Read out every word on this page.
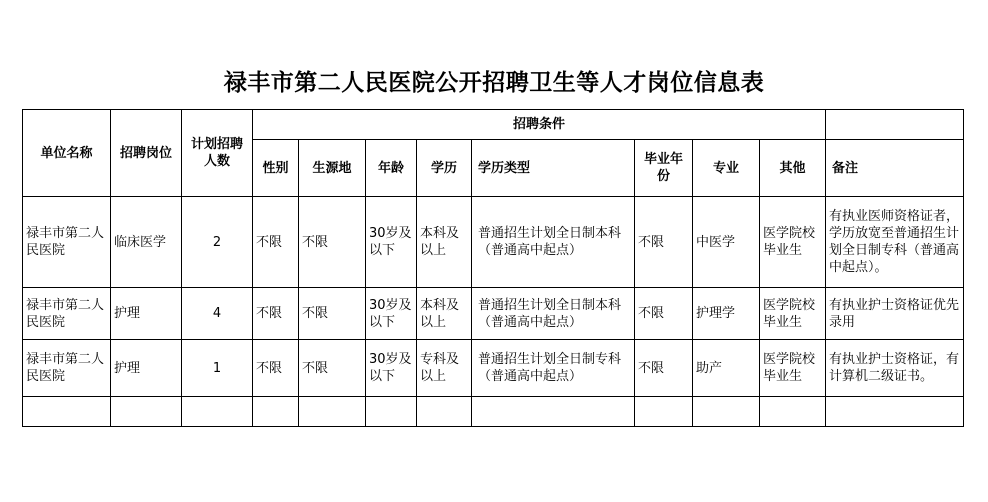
禄丰市第二人民医院公开招聘卫生等人才岗位信息表
单位名称	招聘岗位	计划招聘人数	招聘条件								
			性别	生源地	年龄	学历	学历类型	毕业年份	专业	其他	备注
禄丰市第二人民医院	临床医学	2	不限	不限	30岁及以下	本科及以上	普通招生计划全日制本科（普通高中起点）	不限	中医学	医学院校毕业生	有执业医师资格证者，学历放宽至普通招生计划全日制专科（普通高中起点）。
禄丰市第二人民医院	护理	4	不限	不限	30岁及以下	本科及以上	普通招生计划全日制本科（普通高中起点）	不限	护理学	医学院校毕业生	有执业护士资格证优先录用
禄丰市第二人民医院	护理	1	不限	不限	30岁及以下	专科及以上	普通招生计划全日制专科（普通高中起点）	不限	助产	医学院校毕业生	有执业护士资格证，有计算机二级证书。
